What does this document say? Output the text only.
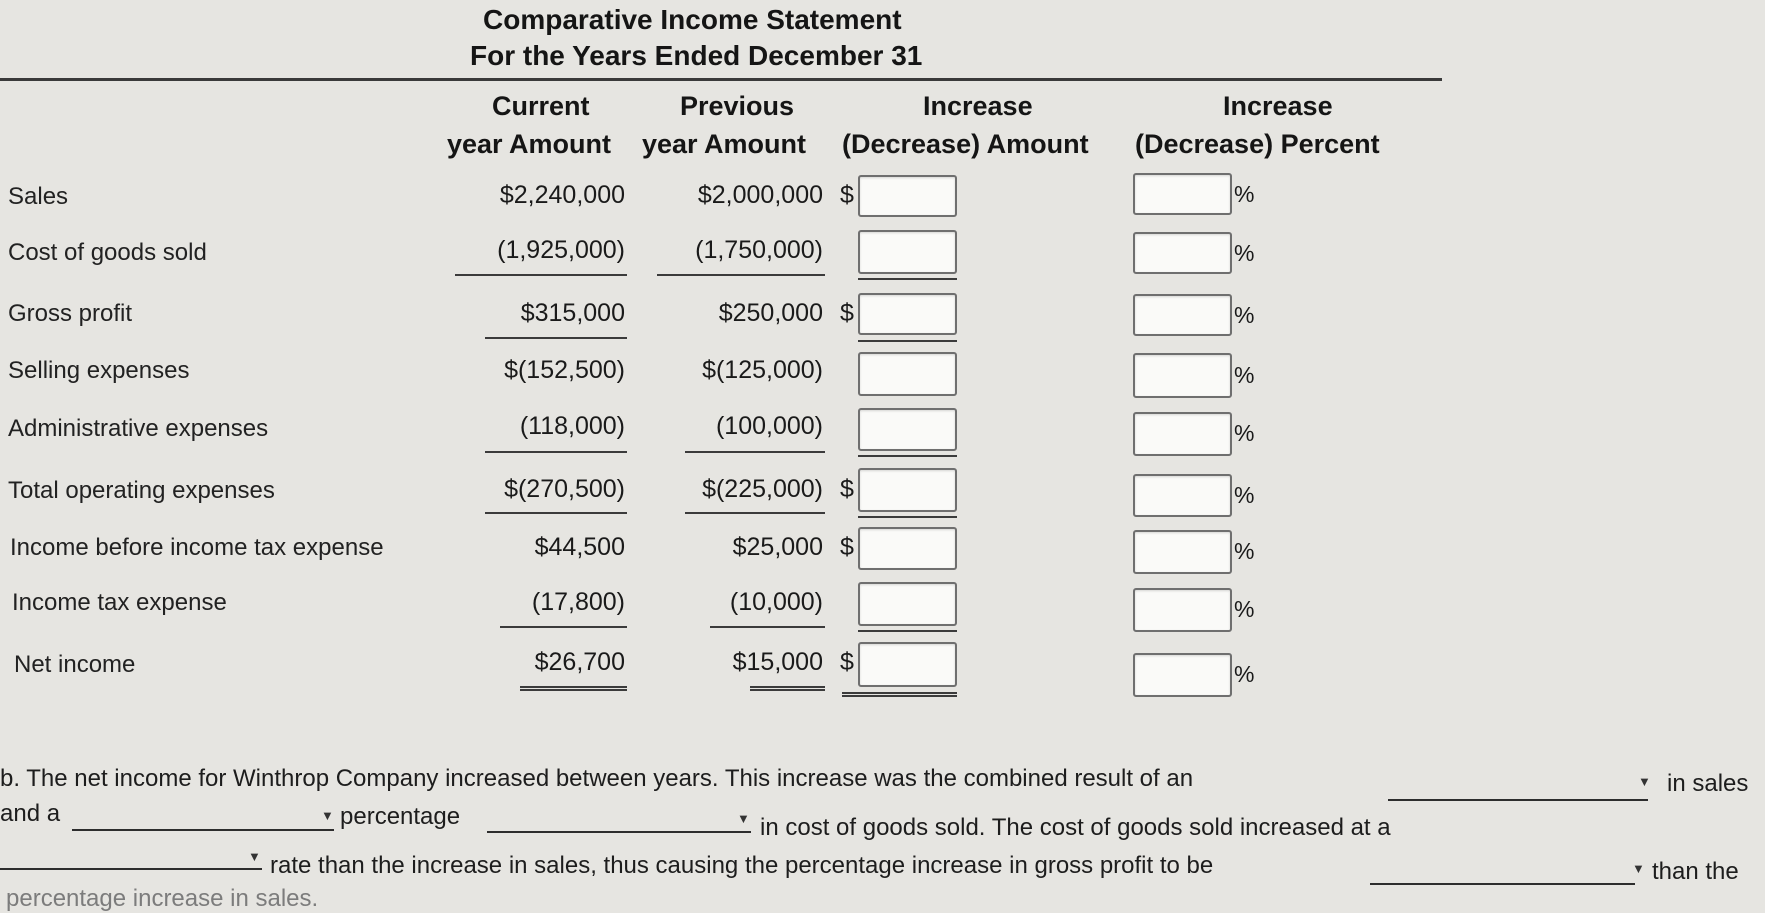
Comparative Income Statement
For the Years Ended December 31
Current
year Amount
Previous
year Amount
Increase
(Decrease) Amount
Increase
(Decrease) Percent
Sales	$2,240,000	$2,000,000 $	%
Cost of goods sold	(1,925,000)	(1,750,000)	%
Gross profit	$315,000	$250,000 $	%
Selling expenses	$(152,500)	$(125,000)	%
Administrative expenses	(118,000)	(100,000)	%
Total operating expenses	$(270,500)	$(225,000) $	%
Income before income tax expense	$44,500	$25,000 $	%
Income tax expense	(17,800)	(10,000)	%
Net income	$26,700	$15,000 $	%
b. The net income for Winthrop Company increased between years. This increase was the combined result of an	▼ in sales
and a	▼ percentage	▼ in cost of goods sold. The cost of goods sold increased at a
▼ rate than the increase in sales, thus causing the percentage increase in gross profit to be	▼ than the
percentage increase in sales.
